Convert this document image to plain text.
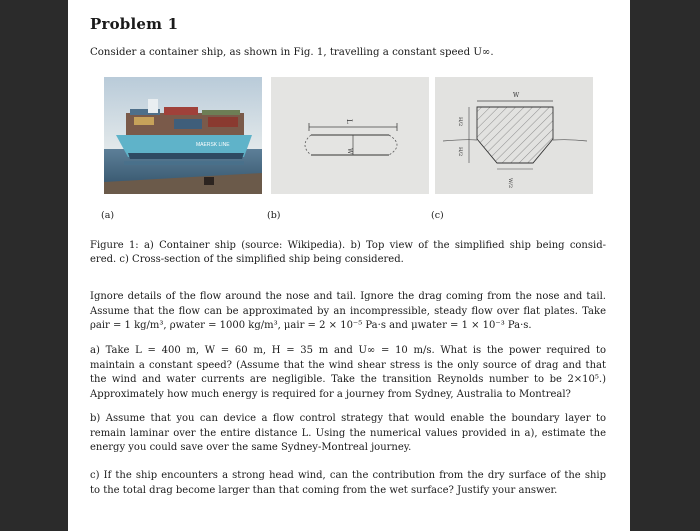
Problem 1
Consider a container ship, as shown in Fig. 1, travelling a constant speed U∞.
MAERSK LINE
L
W
W
H/2
H/2
W/2
(a)	(b)	(c)
Figure 1: a) Container ship (source: Wikipedia). b) Top view of the simplified ship being consid-
ered. c) Cross-section of the simplified ship being considered.
Ignore details of the flow around the nose and tail. Ignore the drag coming from the nose and tail.
Assume that the flow can be approximated by an incompressible, steady flow over flat plates. Take
ρair = 1 kg/m³, ρwater = 1000 kg/m³, μair = 2 × 10⁻⁵ Pa·s and μwater = 1 × 10⁻³ Pa·s.
a) Take L = 400 m, W = 60 m, H = 35 m and U∞ = 10 m/s. What is the power required to
maintain a constant speed? (Assume that the wind shear stress is the only source of drag and that
the wind and water currents are negligible. Take the transition Reynolds number to be 2×10⁵.)
Approximately how much energy is required for a journey from Sydney, Australia to Montreal?
b) Assume that you can device a flow control strategy that would enable the boundary layer to
remain laminar over the entire distance L. Using the numerical values provided in a), estimate the
energy you could save over the same Sydney-Montreal journey.
c) If the ship encounters a strong head wind, can the contribution from the dry surface of the ship
to the total drag become larger than that coming from the wet surface? Justify your answer.
